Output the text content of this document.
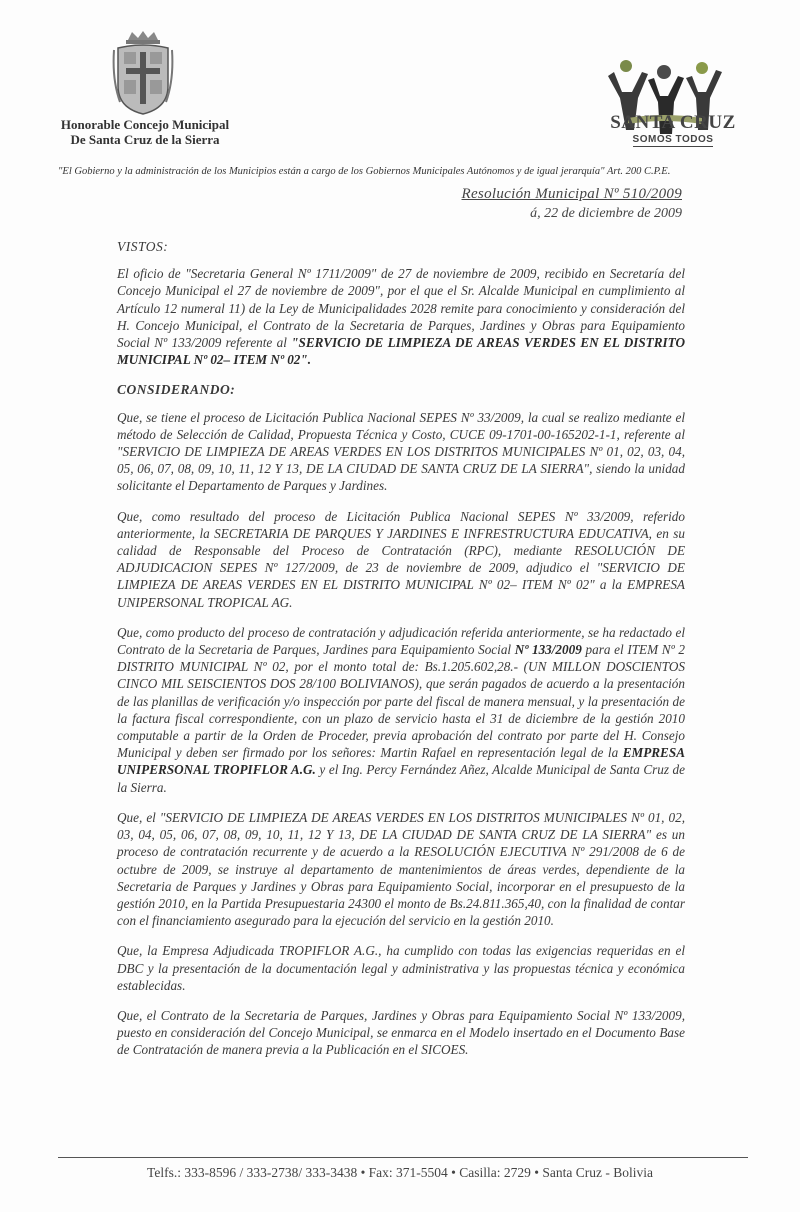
Honorable Concejo Municipal
De Santa Cruz de la Sierra
SANTA CRUZ
SOMOS TODOS
"El Gobierno y la administración de los Municipios están a cargo de los Gobiernos Municipales Autónomos y de igual jerarquía" Art. 200 C.P.E.
Resolución Municipal Nº 510/2009
á, 22 de diciembre de 2009
VISTOS:
El oficio de "Secretaria General Nº 1711/2009" de 27 de noviembre de 2009, recibido en Secretaría del Concejo Municipal el 27 de noviembre de 2009", por el que el Sr. Alcalde Municipal en cumplimiento al Artículo 12 numeral 11) de la Ley de Municipalidades 2028 remite para conocimiento y consideración del H. Concejo Municipal, el Contrato de la Secretaria de Parques, Jardines y Obras para Equipamiento Social Nº 133/2009 referente al "SERVICIO DE LIMPIEZA DE AREAS VERDES EN EL DISTRITO MUNICIPAL Nº 02– ITEM Nº 02".
CONSIDERANDO:
Que, se tiene el proceso de Licitación Publica Nacional SEPES Nº 33/2009, la cual se realizo mediante el método de Selección de Calidad, Propuesta Técnica y Costo, CUCE 09-1701-00-165202-1-1, referente al "SERVICIO DE LIMPIEZA DE AREAS VERDES EN LOS DISTRITOS MUNICIPALES Nº 01, 02, 03, 04, 05, 06, 07, 08, 09, 10, 11, 12 Y 13, DE LA CIUDAD DE SANTA CRUZ DE LA SIERRA", siendo la unidad solicitante el Departamento de Parques y Jardines.
Que, como resultado del proceso de Licitación Publica Nacional SEPES Nº 33/2009, referido anteriormente, la SECRETARIA DE PARQUES Y JARDINES E INFRESTRUCTURA EDUCATIVA, en su calidad de Responsable del Proceso de Contratación (RPC), mediante RESOLUCIÓN DE ADJUDICACION SEPES Nº 127/2009, de 23 de noviembre de 2009, adjudico el "SERVICIO DE LIMPIEZA DE AREAS VERDES EN EL DISTRITO MUNICIPAL Nº 02– ITEM Nº 02" a la EMPRESA UNIPERSONAL TROPICAL AG.
Que, como producto del proceso de contratación y adjudicación referida anteriormente, se ha redactado el Contrato de la Secretaria de Parques, Jardines para Equipamiento Social Nº 133/2009 para el ITEM Nº 2 DISTRITO MUNICIPAL Nº 02, por el monto total de: Bs.1.205.602,28.- (UN MILLON DOSCIENTOS CINCO MIL SEISCIENTOS DOS 28/100 BOLIVIANOS), que serán pagados de acuerdo a la presentación de las planillas de verificación y/o inspección por parte del fiscal de manera mensual, y la presentación de la factura fiscal correspondiente, con un plazo de servicio hasta el 31 de diciembre de la gestión 2010 computable a partir de la Orden de Proceder, previa aprobación del contrato por parte del H. Consejo Municipal y deben ser firmado por los señores: Martin Rafael en representación legal de la EMPRESA UNIPERSONAL TROPIFLOR A.G. y el Ing. Percy Fernández Añez, Alcalde Municipal de Santa Cruz de la Sierra.
Que, el "SERVICIO DE LIMPIEZA DE AREAS VERDES EN LOS DISTRITOS MUNICIPALES Nº 01, 02, 03, 04, 05, 06, 07, 08, 09, 10, 11, 12 Y 13, DE LA CIUDAD DE SANTA CRUZ DE LA SIERRA" es un proceso de contratación recurrente y de acuerdo a la RESOLUCIÓN EJECUTIVA Nº 291/2008 de 6 de octubre de 2009, se instruye al departamento de mantenimientos de áreas verdes, dependiente de la Secretaria de Parques y Jardines y Obras para Equipamiento Social, incorporar en el presupuesto de la gestión 2010, en la Partida Presupuestaria 24300 el monto de Bs.24.811.365,40, con la finalidad de contar con el financiamiento asegurado para la ejecución del servicio en la gestión 2010.
Que, la Empresa Adjudicada TROPIFLOR A.G., ha cumplido con todas las exigencias requeridas en el DBC y la presentación de la documentación legal y administrativa y las propuestas técnica y económica establecidas.
Que, el Contrato de la Secretaria de Parques, Jardines y Obras para Equipamiento Social Nº 133/2009, puesto en consideración del Concejo Municipal, se enmarca en el Modelo insertado en el Documento Base de Contratación de manera previa a la Publicación en el SICOES.
Telfs.: 333-8596 / 333-2738/ 333-3438 • Fax: 371-5504 • Casilla: 2729 • Santa Cruz - Bolivia
